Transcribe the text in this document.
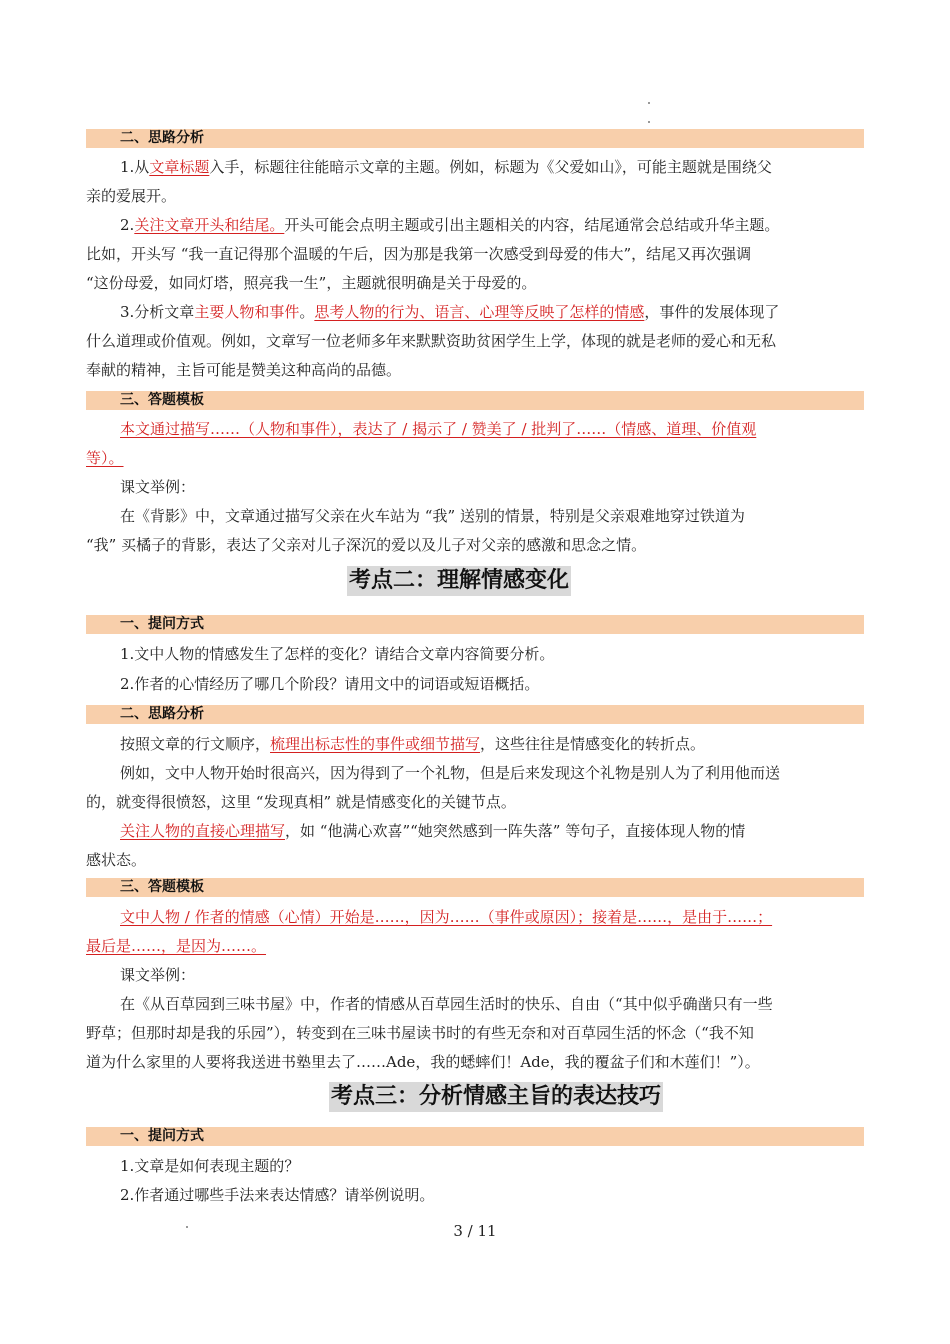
二、思路分析
1.从文章标题入手，标题往往能暗示文章的主题。例如，标题为《父爱如山》，可能主题就是围绕父
亲的爱展开。
2.关注文章开头和结尾。开头可能会点明主题或引出主题相关的内容，结尾通常会总结或升华主题。
比如，开头写 “我一直记得那个温暖的午后，因为那是我第一次感受到母爱的伟大”，结尾又再次强调
“这份母爱，如同灯塔，照亮我一生”，主题就很明确是关于母爱的。
3.分析文章主要人物和事件。思考人物的行为、语言、心理等反映了怎样的情感，事件的发展体现了
什么道理或价值观。例如，文章写一位老师多年来默默资助贫困学生上学，体现的就是老师的爱心和无私
奉献的精神，主旨可能是赞美这种高尚的品德。
三、答题模板
本文通过描写……（人物和事件），表达了 / 揭示了 / 赞美了 / 批判了……（情感、道理、价值观
等）。
课文举例：
在《背影》中，文章通过描写父亲在火车站为 “我” 送别的情景，特别是父亲艰难地穿过铁道为
“我” 买橘子的背影，表达了父亲对儿子深沉的爱以及儿子对父亲的感激和思念之情。
考点二：理解情感变化
一、提问方式
1.文中人物的情感发生了怎样的变化？请结合文章内容简要分析。
2.作者的心情经历了哪几个阶段？请用文中的词语或短语概括。
二、思路分析
按照文章的行文顺序，梳理出标志性的事件或细节描写，这些往往是情感变化的转折点。
例如，文中人物开始时很高兴，因为得到了一个礼物，但是后来发现这个礼物是别人为了利用他而送
的，就变得很愤怒，这里 “发现真相” 就是情感变化的关键节点。
关注人物的直接心理描写，如 “他满心欢喜”“她突然感到一阵失落” 等句子，直接体现人物的情
感状态。
三、答题模板
文中人物 / 作者的情感（心情）开始是……，因为……（事件或原因）；接着是……，是由于……；
最后是……，是因为……。
课文举例：
在《从百草园到三味书屋》中，作者的情感从百草园生活时的快乐、自由（“其中似乎确凿只有一些
野草；但那时却是我的乐园”），转变到在三味书屋读书时的有些无奈和对百草园生活的怀念（“我不知
道为什么家里的人要将我送进书塾里去了……Ade，我的蟋蟀们！Ade，我的覆盆子们和木莲们！”）。
考点三：分析情感主旨的表达技巧
一、提问方式
1.文章是如何表现主题的？
2.作者通过哪些手法来表达情感？请举例说明。
3 / 11
